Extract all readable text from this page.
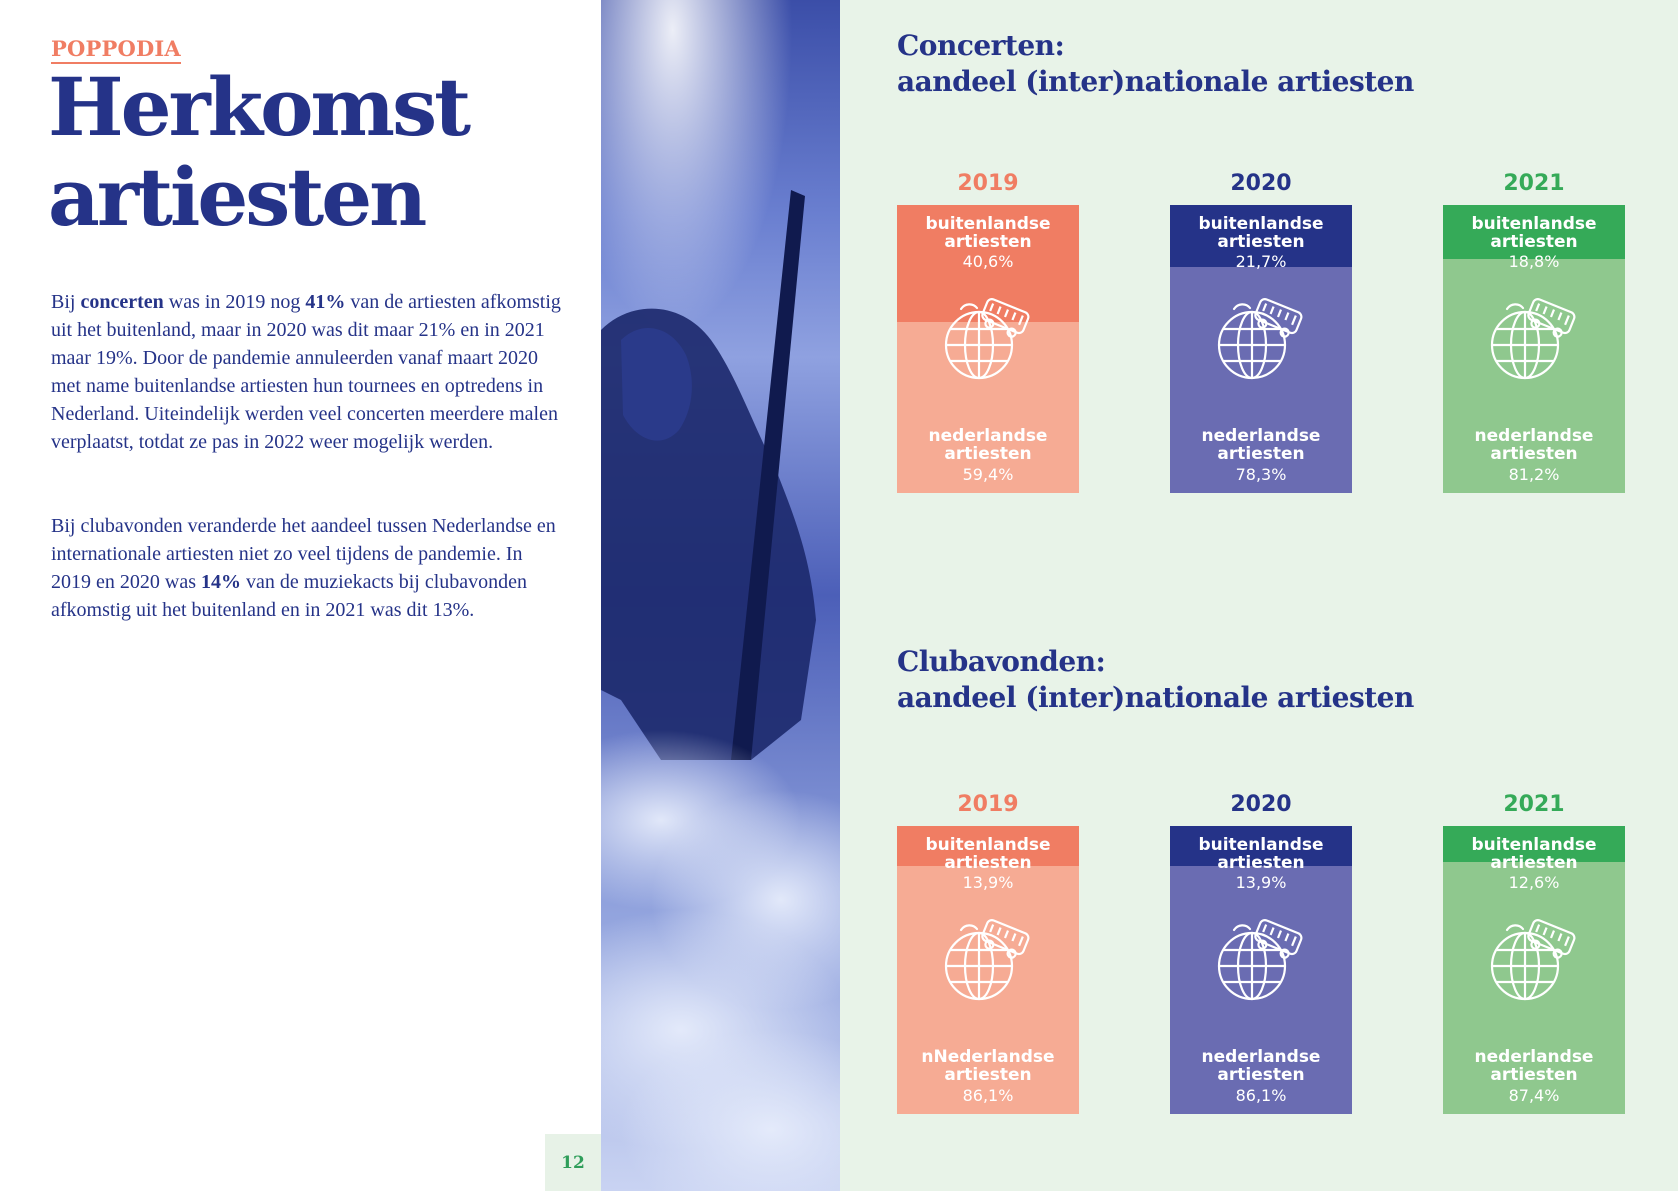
POPPODIA
Herkomst
artiesten

Bij concerten was in 2019 nog 41% van de artiesten afkomstig uit het buitenland, maar in 2020 was dit maar 21% en in 2021 maar 19%. Door de pandemie annuleerden vanaf maart 2020 met name buitenlandse artiesten hun tournees en optredens in Nederland. Uiteindelijk werden veel concerten meerdere malen verplaatst, totdat ze pas in 2022 weer mogelijk werden.

Bij clubavonden veranderde het aandeel tussen Nederlandse en internationale artiesten niet zo veel tijdens de pandemie. In 2019 en 2020 was 14% van de muziekacts bij clubavonden afkomstig uit het buitenland en in 2021 was dit 13%.

12
Concerten:
aandeel (inter)nationale artiesten
Clubavonden:
aandeel (inter)nationale artiesten
2019
buitenlandse artiesten
40,6%
nederlandse artiesten
59,4%
2020
buitenlandse artiesten
21,7%
nederlandse artiesten
78,3%
2021
buitenlandse artiesten
18,8%
nederlandse artiesten
81,2%
2019
buitenlandse artiesten
13,9%
nNederlandse artiesten
86,1%
2020
buitenlandse artiesten
13,9%
nederlandse artiesten
86,1%
2021
buitenlandse artiesten
12,6%
nederlandse artiesten
87,4%
